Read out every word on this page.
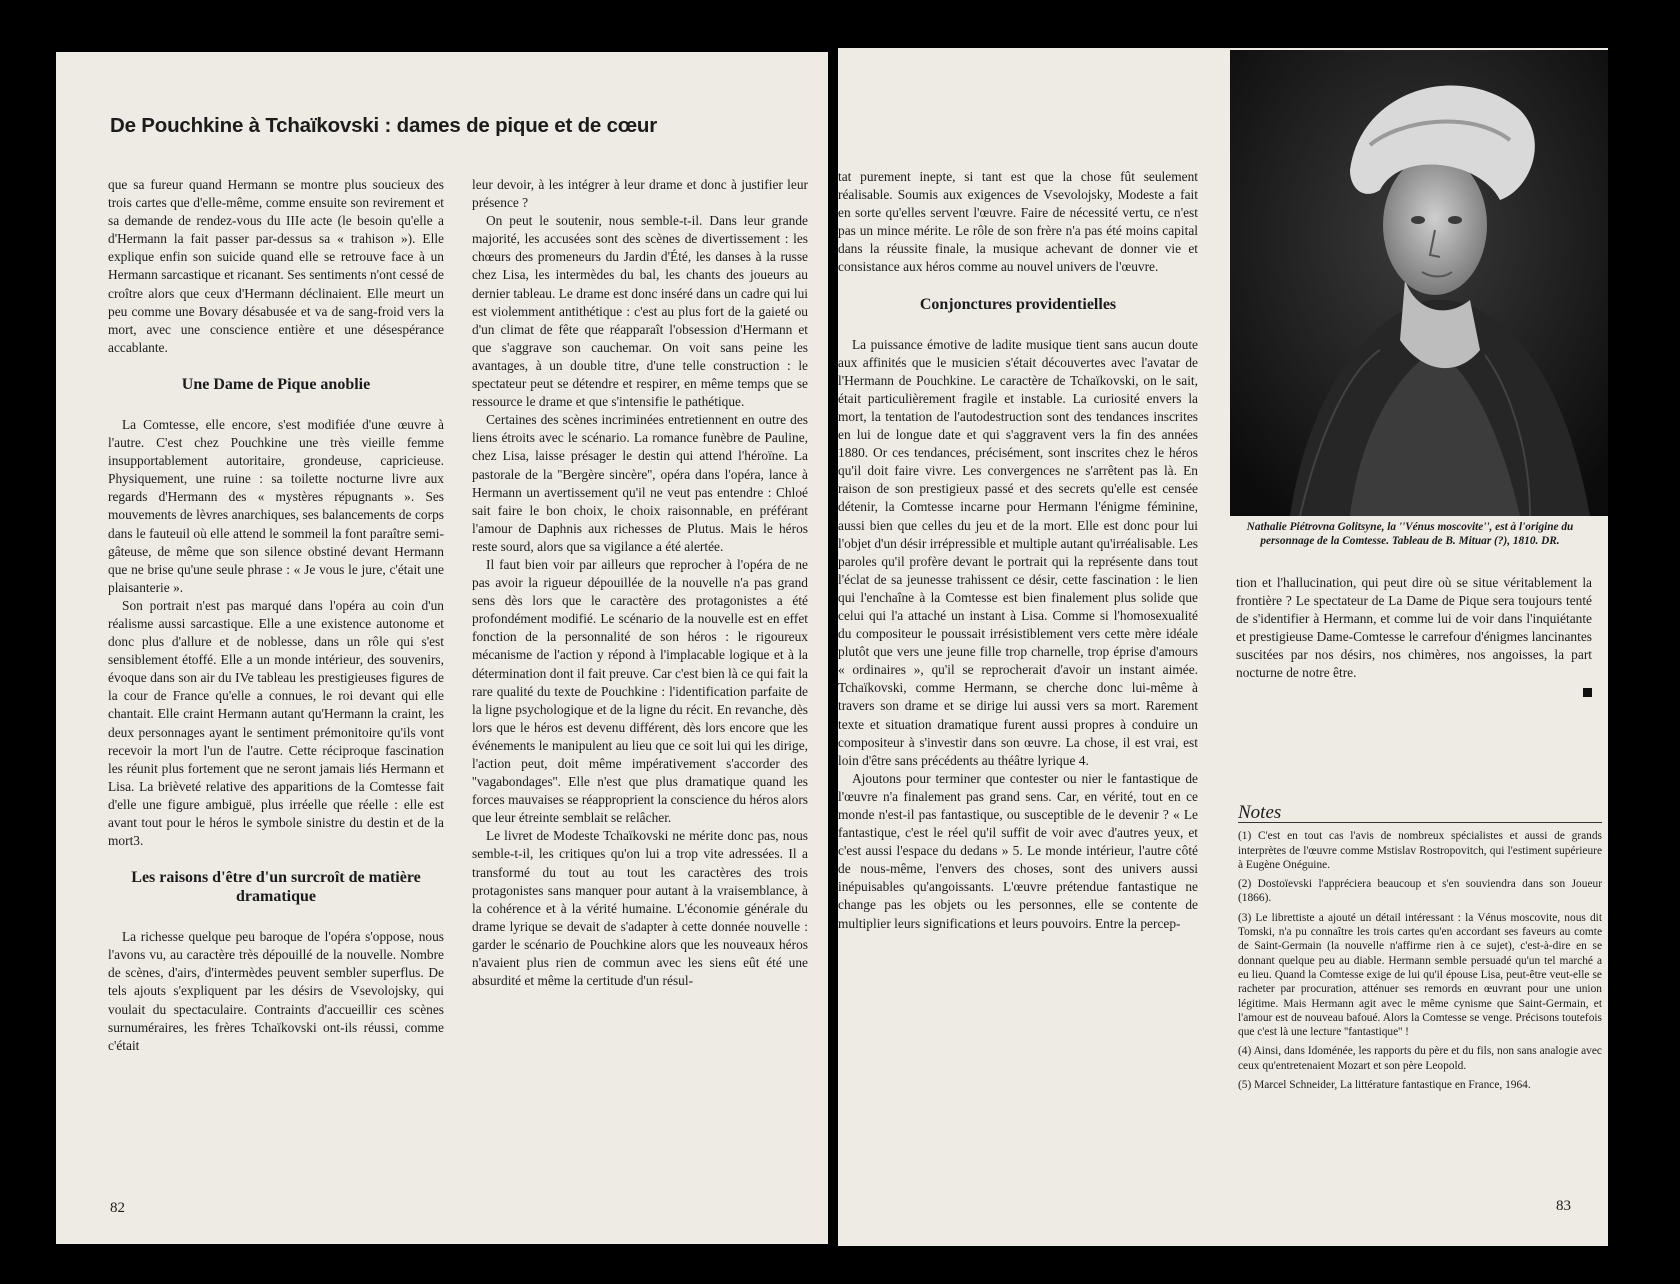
De Pouchkine à Tchaïkovski : dames de pique et de cœur

que sa fureur quand Hermann se montre plus soucieux des trois cartes que d'elle-même, comme ensuite son revirement et sa demande de rendez-vous du IIIe acte (le besoin qu'elle a d'Hermann la fait passer par-dessus sa « trahison »). Elle explique enfin son suicide quand elle se retrouve face à un Hermann sarcastique et ricanant. Ses sentiments n'ont cessé de croître alors que ceux d'Hermann déclinaient. Elle meurt un peu comme une Bovary désabusée et va de sang-froid vers la mort, avec une conscience entière et une désespérance accablante.

Une Dame de Pique anoblie

La Comtesse, elle encore, s'est modifiée d'une œuvre à l'autre. C'est chez Pouchkine une très vieille femme insupportablement autoritaire, grondeuse, capricieuse. Physiquement, une ruine : sa toilette nocturne livre aux regards d'Hermann des « mystères répugnants ». Ses mouvements de lèvres anarchiques, ses balancements de corps dans le fauteuil où elle attend le sommeil la font paraître semi-gâteuse, de même que son silence obstiné devant Hermann que ne brise qu'une seule phrase : « Je vous le jure, c'était une plaisanterie ».

Son portrait n'est pas marqué dans l'opéra au coin d'un réalisme aussi sarcastique. Elle a une existence autonome et donc plus d'allure et de noblesse, dans un rôle qui s'est sensiblement étoffé. Elle a un monde intérieur, des souvenirs, évoque dans son air du IVe tableau les prestigieuses figures de la cour de France qu'elle a connues, le roi devant qui elle chantait. Elle craint Hermann autant qu'Hermann la craint, les deux personnages ayant le sentiment prémonitoire qu'ils vont recevoir la mort l'un de l'autre. Cette réciproque fascination les réunit plus fortement que ne seront jamais liés Hermann et Lisa. La brièveté relative des apparitions de la Comtesse fait d'elle une figure ambiguë, plus irréelle que réelle : elle est avant tout pour le héros le symbole sinistre du destin et de la mort3.

Les raisons d'être d'un surcroît de matière dramatique

La richesse quelque peu baroque de l'opéra s'oppose, nous l'avons vu, au caractère très dépouillé de la nouvelle. Nombre de scènes, d'airs, d'intermèdes peuvent sembler superflus. De tels ajouts s'expliquent par les désirs de Vsevolojsky, qui voulait du spectaculaire. Contraints d'accueillir ces scènes surnuméraires, les frères Tchaïkovski ont-ils réussi, comme c'était

leur devoir, à les intégrer à leur drame et donc à justifier leur présence ?

On peut le soutenir, nous semble-t-il. Dans leur grande majorité, les accusées sont des scènes de divertissement : les chœurs des promeneurs du Jardin d'Été, les danses à la russe chez Lisa, les intermèdes du bal, les chants des joueurs au dernier tableau. Le drame est donc inséré dans un cadre qui lui est violemment antithétique : c'est au plus fort de la gaieté ou d'un climat de fête que réapparaît l'obsession d'Hermann et que s'aggrave son cauchemar. On voit sans peine les avantages, à un double titre, d'une telle construction : le spectateur peut se détendre et respirer, en même temps que se ressource le drame et que s'intensifie le pathétique.

Certaines des scènes incriminées entretiennent en outre des liens étroits avec le scénario. La romance funèbre de Pauline, chez Lisa, laisse présager le destin qui attend l'héroïne. La pastorale de la ''Bergère sincère'', opéra dans l'opéra, lance à Hermann un avertissement qu'il ne veut pas entendre : Chloé sait faire le bon choix, le choix raisonnable, en préférant l'amour de Daphnis aux richesses de Plutus. Mais le héros reste sourd, alors que sa vigilance a été alertée.

Il faut bien voir par ailleurs que reprocher à l'opéra de ne pas avoir la rigueur dépouillée de la nouvelle n'a pas grand sens dès lors que le caractère des protagonistes a été profondément modifié. Le scénario de la nouvelle est en effet fonction de la personnalité de son héros : le rigoureux mécanisme de l'action y répond à l'implacable logique et à la détermination dont il fait preuve. Car c'est bien là ce qui fait la rare qualité du texte de Pouchkine : l'identification parfaite de la ligne psychologique et de la ligne du récit. En revanche, dès lors que le héros est devenu différent, dès lors encore que les événements le manipulent au lieu que ce soit lui qui les dirige, l'action peut, doit même impérativement s'accorder des ''vagabondages''. Elle n'est que plus dramatique quand les forces mauvaises se réapproprient la conscience du héros alors que leur étreinte semblait se relâcher.

Le livret de Modeste Tchaïkovski ne mérite donc pas, nous semble-t-il, les critiques qu'on lui a trop vite adressées. Il a transformé du tout au tout les caractères des trois protagonistes sans manquer pour autant à la vraisemblance, à la cohérence et à la vérité humaine. L'économie générale du drame lyrique se devait de s'adapter à cette donnée nouvelle : garder le scénario de Pouchkine alors que les nouveaux héros n'avaient plus rien de commun avec les siens eût été une absurdité et même la certitude d'un résul-

82

tat purement inepte, si tant est que la chose fût seulement réalisable. Soumis aux exigences de Vsevolojsky, Modeste a fait en sorte qu'elles servent l'œuvre. Faire de nécessité vertu, ce n'est pas un mince mérite. Le rôle de son frère n'a pas été moins capital dans la réussite finale, la musique achevant de donner vie et consistance aux héros comme au nouvel univers de l'œuvre.

Conjonctures providentielles

La puissance émotive de ladite musique tient sans aucun doute aux affinités que le musicien s'était découvertes avec l'avatar de l'Hermann de Pouchkine. Le caractère de Tchaïkovski, on le sait, était particulièrement fragile et instable. La curiosité envers la mort, la tentation de l'autodestruction sont des tendances inscrites en lui de longue date et qui s'aggravent vers la fin des années 1880. Or ces tendances, précisément, sont inscrites chez le héros qu'il doit faire vivre. Les convergences ne s'arrêtent pas là. En raison de son prestigieux passé et des secrets qu'elle est censée détenir, la Comtesse incarne pour Hermann l'énigme féminine, aussi bien que celles du jeu et de la mort. Elle est donc pour lui l'objet d'un désir irrépressible et multiple autant qu'irréalisable. Les paroles qu'il profère devant le portrait qui la représente dans tout l'éclat de sa jeunesse trahissent ce désir, cette fascination : le lien qui l'enchaîne à la Comtesse est bien finalement plus solide que celui qui l'a attaché un instant à Lisa. Comme si l'homosexualité du compositeur le poussait irrésistiblement vers cette mère idéale plutôt que vers une jeune fille trop charnelle, trop éprise d'amours « ordinaires », qu'il se reprocherait d'avoir un instant aimée. Tchaïkovski, comme Hermann, se cherche donc lui-même à travers son drame et se dirige lui aussi vers sa mort. Rarement texte et situation dramatique furent aussi propres à conduire un compositeur à s'investir dans son œuvre. La chose, il est vrai, est loin d'être sans précédents au théâtre lyrique 4.

Ajoutons pour terminer que contester ou nier le fantastique de l'œuvre n'a finalement pas grand sens. Car, en vérité, tout en ce monde n'est-il pas fantastique, ou susceptible de le devenir ? « Le fantastique, c'est le réel qu'il suffit de voir avec d'autres yeux, et c'est aussi l'espace du dedans » 5. Le monde intérieur, l'autre côté de nous-même, l'envers des choses, sont des univers aussi inépuisables qu'angoissants. L'œuvre prétendue fantastique ne change pas les objets ou les personnes, elle se contente de multiplier leurs significations et leurs pouvoirs. Entre la percep-

Nathalie Piétrovna Golitsyne, la ''Vénus moscovite'', est à l'origine du personnage de la Comtesse. Tableau de B. Mituar (?), 1810. DR.

tion et l'hallucination, qui peut dire où se situe véritablement la frontière ? Le spectateur de La Dame de Pique sera toujours tenté de s'identifier à Hermann, et comme lui de voir dans l'inquiétante et prestigieuse Dame-Comtesse le carrefour d'énigmes lancinantes suscitées par nos désirs, nos chimères, nos angoisses, la part nocturne de notre être.

Notes

(1) C'est en tout cas l'avis de nombreux spécialistes et aussi de grands interprètes de l'œuvre comme Mstislav Rostropovitch, qui l'estiment supérieure à Eugène Onéguine.

(2) Dostoïevski l'appréciera beaucoup et s'en souviendra dans son Joueur (1866).

(3) Le librettiste a ajouté un détail intéressant : la Vénus moscovite, nous dit Tomski, n'a pu connaître les trois cartes qu'en accordant ses faveurs au comte de Saint-Germain (la nouvelle n'affirme rien à ce sujet), c'est-à-dire en se donnant quelque peu au diable. Hermann semble persuadé qu'un tel marché a eu lieu. Quand la Comtesse exige de lui qu'il épouse Lisa, peut-être veut-elle se racheter par procuration, atténuer ses remords en œuvrant pour une union légitime. Mais Hermann agit avec le même cynisme que Saint-Germain, et l'amour est de nouveau bafoué. Alors la Comtesse se venge. Précisons toutefois que c'est là une lecture ''fantastique'' !

(4) Ainsi, dans Idoménée, les rapports du père et du fils, non sans analogie avec ceux qu'entretenaient Mozart et son père Leopold.

(5) Marcel Schneider, La littérature fantastique en France, 1964.

83
